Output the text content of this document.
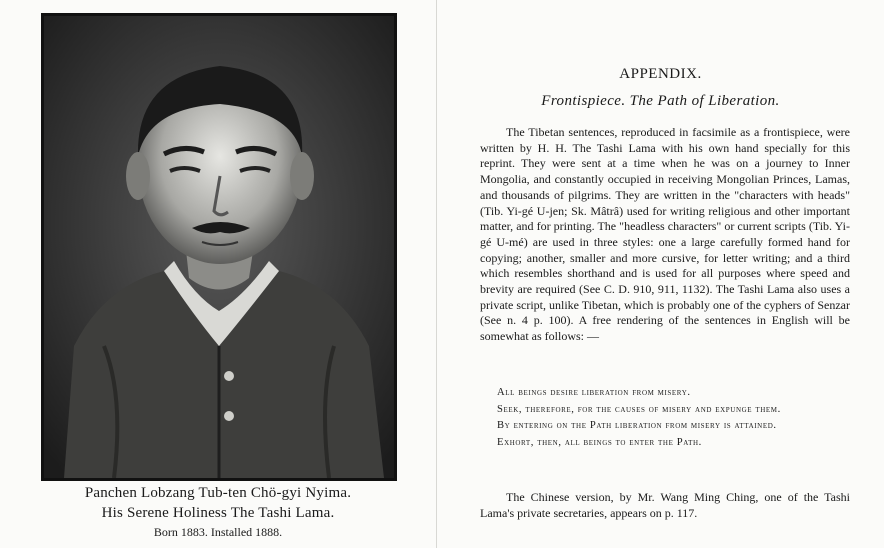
Panchen Lobzang Tub-ten Chö-gyi Nyima.
His Serene Holiness The Tashi Lama.
Born 1883. Installed 1888.
APPENDIX.
Frontispiece. The Path of Liberation.

The Tibetan sentences, reproduced in facsimile as a frontispiece, were written by H. H. The Tashi Lama with his own hand specially for this reprint. They were sent at a time when he was on a journey to Inner Mongolia, and constantly occupied in receiving Mongolian Princes, Lamas, and thousands of pilgrims. They are written in the "characters with heads" (Tib. Yi-gé U-jen; Sk. Mâtrâ) used for writing religious and other important matter, and for printing. The "headless characters" or current scripts (Tib. Yi-gé U-mé) are used in three styles: one a large carefully formed hand for copying; another, smaller and more cursive, for letter writing; and a third which resembles shorthand and is used for all purposes where speed and brevity are required (See C. D. 910, 911, 1132). The Tashi Lama also uses a private script, unlike Tibetan, which is probably one of the cyphers of Senzar (See n. 4 p. 100). A free rendering of the sentences in English will be somewhat as follows: —

All beings desire liberation from misery.

Seek, therefore, for the causes of misery and expunge them.

By entering on the Path liberation from misery is attained.

Exhort, then, all beings to enter the Path.

The Chinese version, by Mr. Wang Ming Ching, one of the Tashi Lama's private secretaries, appears on p. 117.
